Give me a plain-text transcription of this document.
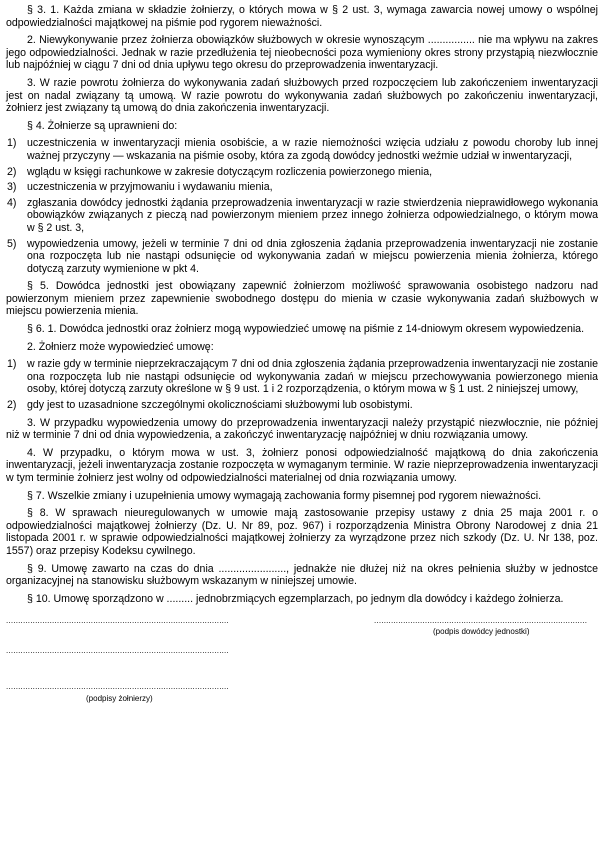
§ 3. 1. Każda zmiana w składzie żołnierzy, o których mowa w § 2 ust. 3, wymaga zawarcia nowej umowy o wspólnej odpowiedzialności majątkowej na piśmie pod rygorem nieważności.

2. Niewykonywanie przez żołnierza obowiązków służbowych w okresie wynoszącym ................ nie ma wpływu na zakres jego odpowiedzialności. Jednak w razie przedłużenia tej nieobecności poza wymieniony okres strony przystąpią niezwłocznie lub najpóźniej w ciągu 7 dni od dnia upływu tego okresu do przeprowadzenia inwentaryzacji.

3. W razie powrotu żołnierza do wykonywania zadań służbowych przed rozpoczęciem lub zakończeniem inwentaryzacji jest on nadal związany tą umową. W razie powrotu do wykonywania zadań służbowych po zakończeniu inwentaryzacji, żołnierz jest związany tą umową do dnia zakończenia inwentaryzacji.

§ 4. Żołnierze są uprawnieni do:

1) uczestniczenia w inwentaryzacji mienia osobiście, a w razie niemożności wzięcia udziału z powodu choroby lub innej ważnej przyczyny — wskazania na piśmie osoby, która za zgodą dowódcy jednostki weźmie udział w inwentaryzacji,
2) wglądu w księgi rachunkowe w zakresie dotyczącym rozliczenia powierzonego mienia,
3) uczestniczenia w przyjmowaniu i wydawaniu mienia,
4) zgłaszania dowódcy jednostki żądania przeprowadzenia inwentaryzacji w razie stwierdzenia nieprawidłowego wykonania obowiązków związanych z pieczą nad powierzonym mieniem przez innego żołnierza odpowiedzialnego, o którym mowa w § 2 ust. 3,
5) wypowiedzenia umowy, jeżeli w terminie 7 dni od dnia zgłoszenia żądania przeprowadzenia inwentaryzacji nie zostanie ona rozpoczęta lub nie nastąpi odsunięcie od wykonywania zadań w miejscu powierzenia mienia żołnierza, którego dotyczą zarzuty wymienione w pkt 4.

§ 5. Dowódca jednostki jest obowiązany zapewnić żołnierzom możliwość sprawowania osobistego nadzoru nad powierzonym mieniem przez zapewnienie swobodnego dostępu do mienia w czasie wykonywania zadań służbowych w miejscu powierzenia mienia.

§ 6. 1. Dowódca jednostki oraz żołnierz mogą wypowiedzieć umowę na piśmie z 14-dniowym okresem wypowiedzenia.

2. Żołnierz może wypowiedzieć umowę:

1) w razie gdy w terminie nieprzekraczającym 7 dni od dnia zgłoszenia żądania przeprowadzenia inwentaryzacji nie zostanie ona rozpoczęta lub nie nastąpi odsunięcie od wykonywania zadań w miejscu przechowywania powierzonego mienia osoby, której dotyczą zarzuty określone w § 9 ust. 1 i 2 rozporządzenia, o którym mowa w § 1 ust. 2 niniejszej umowy,
2) gdy jest to uzasadnione szczególnymi okolicznościami służbowymi lub osobistymi.

3. W przypadku wypowiedzenia umowy do przeprowadzenia inwentaryzacji należy przystąpić niezwłocznie, nie później niż w terminie 7 dni od dnia wypowiedzenia, a zakończyć inwentaryzację najpóźniej w dniu rozwiązania umowy.

4. W przypadku, o którym mowa w ust. 3, żołnierz ponosi odpowiedzialność majątkową do dnia zakończenia inwentaryzacji, jeżeli inwentaryzacja zostanie rozpoczęta w wymaganym terminie. W razie nieprzeprowadzenia inwentaryzacji w tym terminie żołnierz jest wolny od odpowiedzialności materialnej od dnia rozwiązania umowy.

§ 7. Wszelkie zmiany i uzupełnienia umowy wymagają zachowania formy pisemnej pod rygorem nieważności.

§ 8. W sprawach nieuregulowanych w umowie mają zastosowanie przepisy ustawy z dnia 25 maja 2001 r. o odpowiedzialności majątkowej żołnierzy (Dz. U. Nr 89, poz. 967) i rozporządzenia Ministra Obrony Narodowej z dnia 21 listopada 2001 r. w sprawie odpowiedzialności majątkowej żołnierzy za wyrządzone przez nich szkody (Dz. U. Nr 138, poz. 1557) oraz przepisy Kodeksu cywilnego.

§ 9. Umowę zawarto na czas do dnia ......................., jednakże nie dłużej niż na okres pełnienia służby w jednostce organizacyjnej na stanowisku służbowym wskazanym w niniejszej umowie.

§ 10. Umowę sporządzono w ......... jednobrzmiących egzemplarzach, po jednym dla dowódcy i każdego żołnierza.

............................................................................................	........................................................................................
(podpis dowódcy jednostki)
............................................................................................
............................................................................................
(podpisy żołnierzy)
